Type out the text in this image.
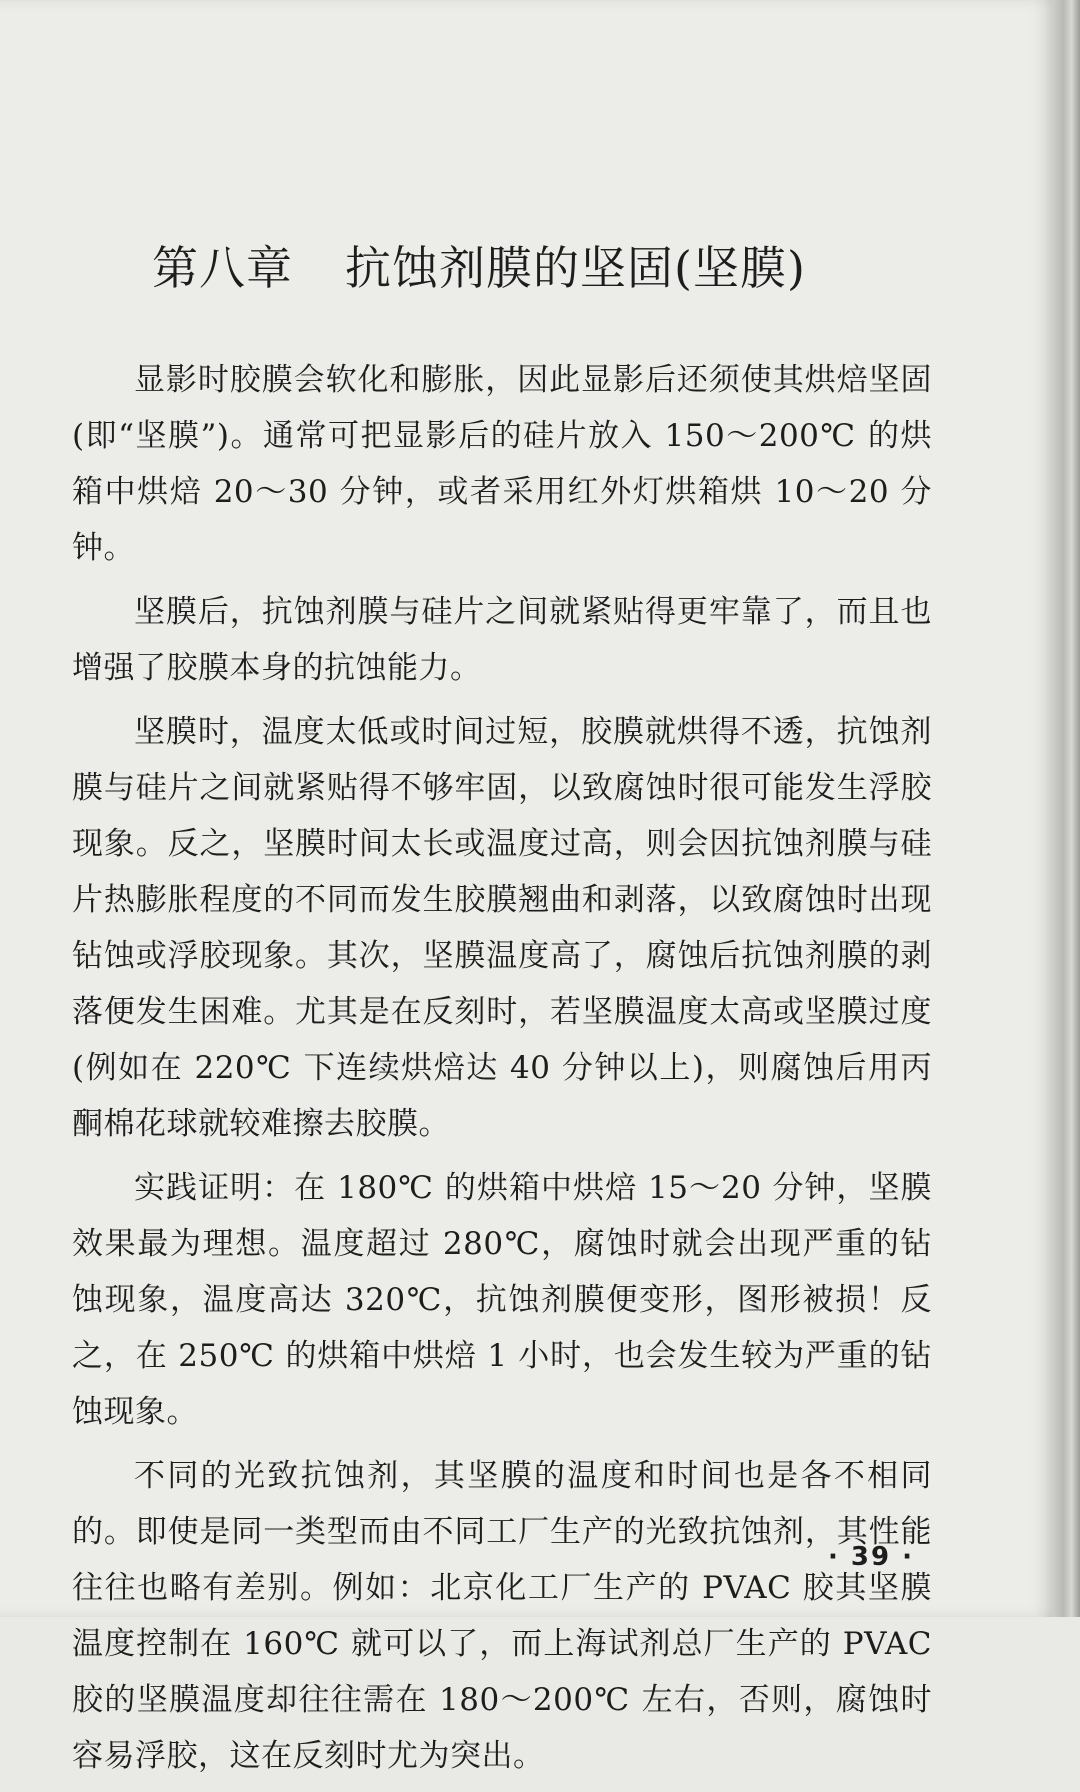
第八章 抗蚀剂膜的坚固(坚膜)

显影时胶膜会软化和膨胀，因此显影后还须使其烘焙坚固(即“坚膜”)。通常可把显影后的硅片放入 150～200℃ 的烘箱中烘焙 20～30 分钟，或者采用红外灯烘箱烘 10～20 分钟。

坚膜后，抗蚀剂膜与硅片之间就紧贴得更牢靠了，而且也增强了胶膜本身的抗蚀能力。

坚膜时，温度太低或时间过短，胶膜就烘得不透，抗蚀剂膜与硅片之间就紧贴得不够牢固，以致腐蚀时很可能发生浮胶现象。反之，坚膜时间太长或温度过高，则会因抗蚀剂膜与硅片热膨胀程度的不同而发生胶膜翘曲和剥落，以致腐蚀时出现钻蚀或浮胶现象。其次，坚膜温度高了，腐蚀后抗蚀剂膜的剥落便发生困难。尤其是在反刻时，若坚膜温度太高或坚膜过度(例如在 220℃ 下连续烘焙达 40 分钟以上)，则腐蚀后用丙酮棉花球就较难擦去胶膜。

实践证明：在 180℃ 的烘箱中烘焙 15～20 分钟，坚膜效果最为理想。温度超过 280℃，腐蚀时就会出现严重的钻蚀现象，温度高达 320℃，抗蚀剂膜便变形，图形被损！反之，在 250℃ 的烘箱中烘焙 1 小时，也会发生较为严重的钻蚀现象。

不同的光致抗蚀剂，其坚膜的温度和时间也是各不相同的。即使是同一类型而由不同工厂生产的光致抗蚀剂，其性能往往也略有差别。例如：北京化工厂生产的 PVAC 胶其坚膜温度控制在 160℃ 就可以了，而上海试剂总厂生产的 PVAC 胶的坚膜温度却往往需在 180～200℃ 左右，否则，腐蚀时容易浮胶，这在反刻时尤为突出。

· 39 ·
